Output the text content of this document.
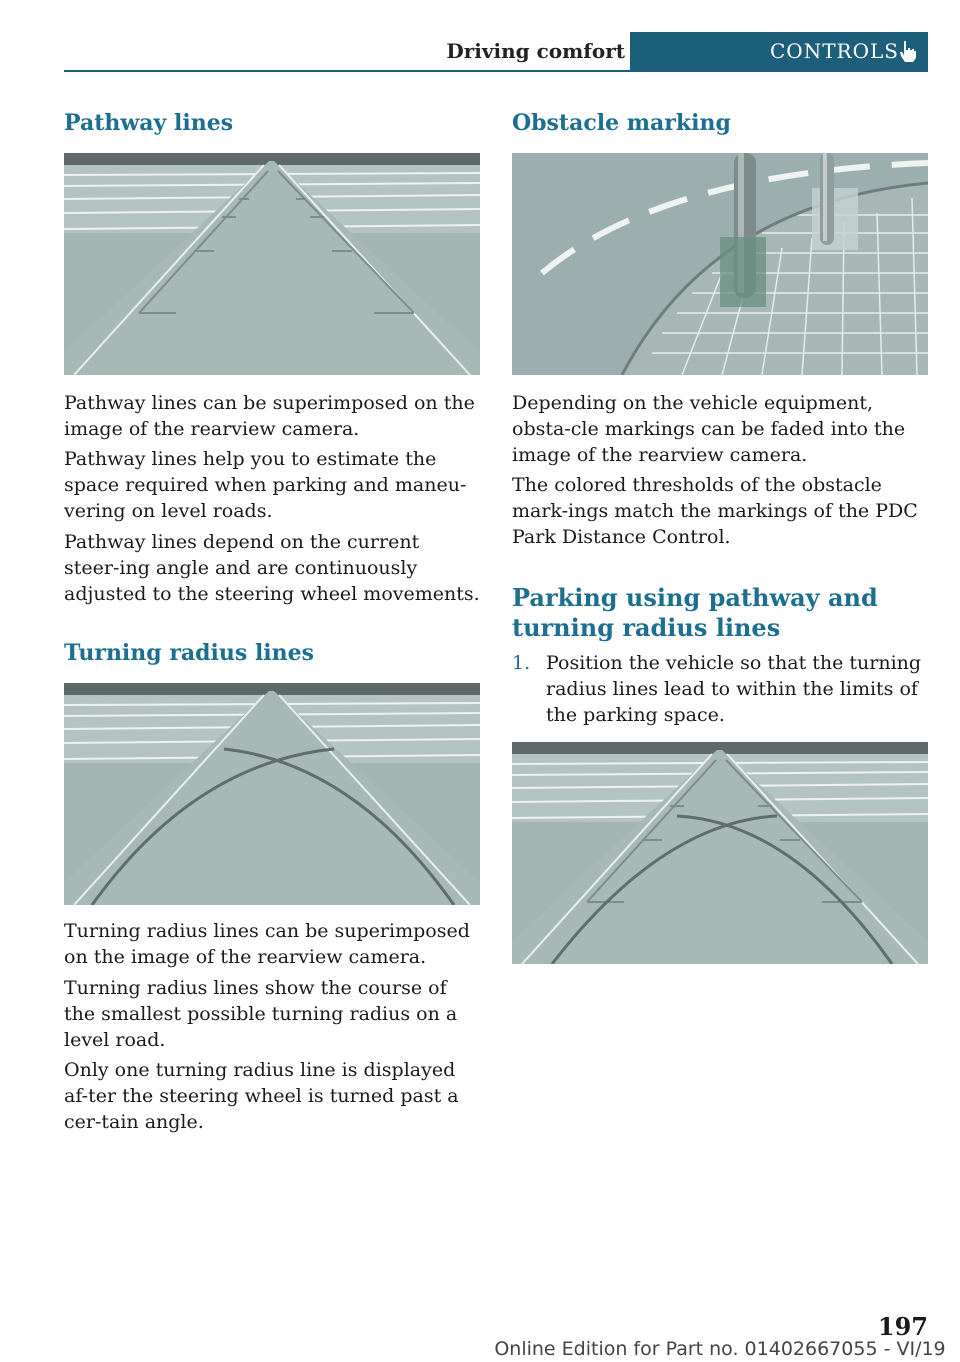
Driving comfort	CONTROLS
Pathway lines

Pathway lines can be superimposed on the image of the rearview camera.

Pathway lines help you to estimate the space required when parking and maneu-vering on level roads.

Pathway lines depend on the current steer-ing angle and are continuously adjusted to the steering wheel movements.

Turning radius lines

Turning radius lines can be superimposed on the image of the rearview camera.

Turning radius lines show the course of the smallest possible turning radius on a level road.

Only one turning radius line is displayed af-ter the steering wheel is turned past a cer-tain angle.

Obstacle marking

Depending on the vehicle equipment, obsta-cle markings can be faded into the image of the rearview camera.

The colored thresholds of the obstacle mark-ings match the markings of the PDC Park Distance Control.

Parking using pathway and turning radius lines
1. Position the vehicle so that the turning radius lines lead to within the limits of the parking space.
197
Online Edition for Part no. 01402667055 - VI/19
